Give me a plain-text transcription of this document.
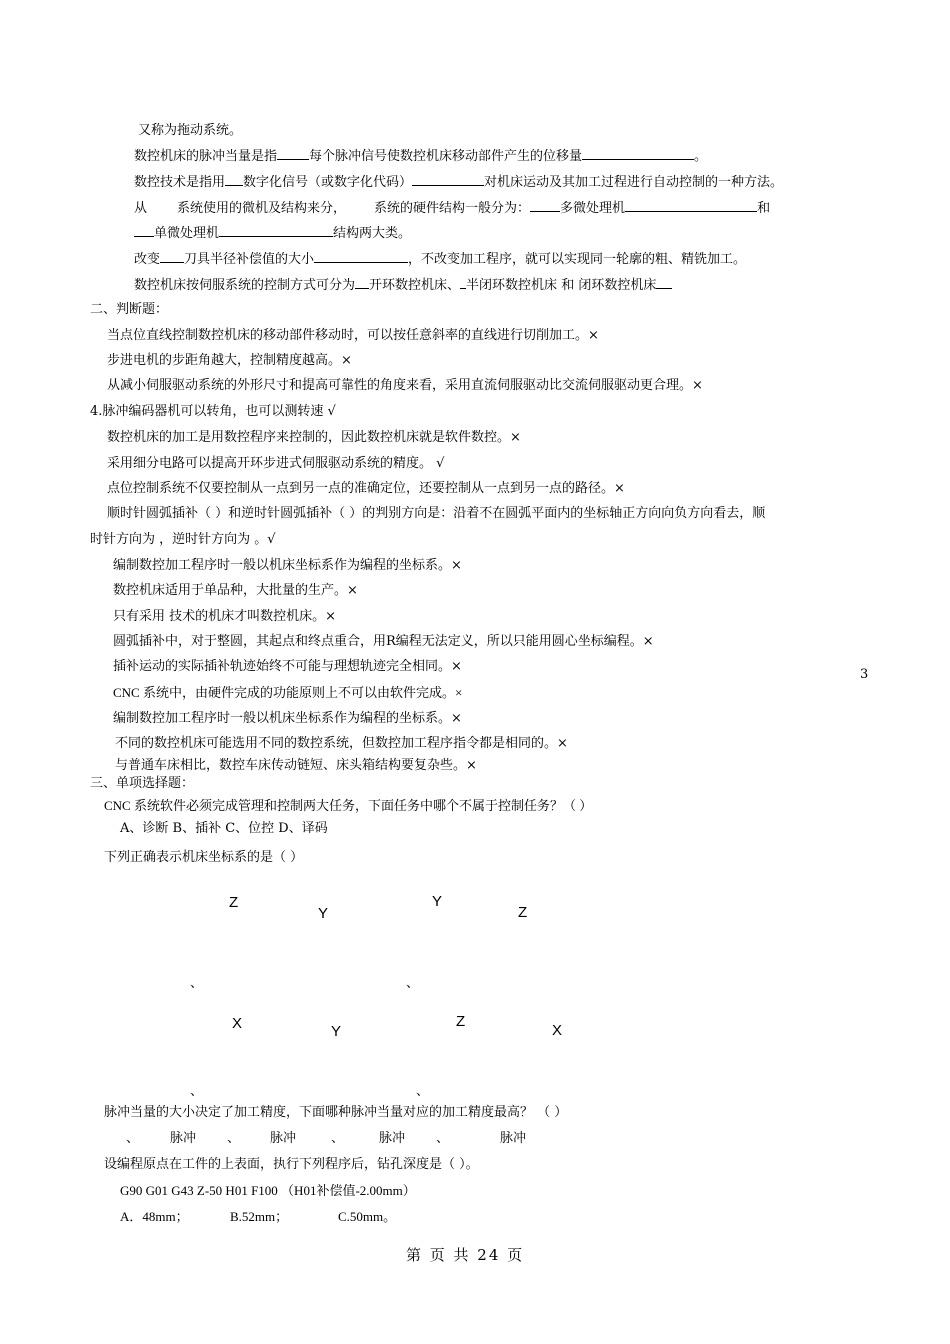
又称为拖动系统。
数控机床的脉冲当量是指 每个脉冲信号使数控机床移动部件产生的位移量	。
数控技术是指用 数字化信号（或数字化代码）	对机床运动及其加工过程进行自动控制的一种方法。
从 系统使用的微机及结构来分， 系统的硬件结构一般分为： 多微处理机	和
单微处理机	结构两大类。
改变 刀具半径补偿值的大小	，不改变加工程序，就可以实现同一轮廓的粗、精铣加工。
数控机床按伺服系统的控制方式可分为 开环数控机床、 半闭环数控机床 和 闭环数控机床
二、判断题：
当点位直线控制数控机床的移动部件移动时，可以按任意斜率的直线进行切削加工。×
步进电机的步距角越大，控制精度越高。×
从减小伺服驱动系统的外形尺寸和提高可靠性的角度来看，采用直流伺服驱动比交流伺服驱动更合理。×
4.脉冲编码器机可以转角，也可以测转速 √
数控机床的加工是用数控程序来控制的，因此数控机床就是软件数控。×
采用细分电路可以提高开环步进式伺服驱动系统的精度。 √
点位控制系统不仅要控制从一点到另一点的准确定位，还要控制从一点到另一点的路径。×
顺时针圆弧插补（ ）和逆时针圆弧插补（ ）的判别方向是：沿着不在圆弧平面内的坐标轴正方向向负方向看去，顺
时针方向为 ，逆时针方向为 。√
编制数控加工程序时一般以机床坐标系作为编程的坐标系。×
数控机床适用于单品种，大批量的生产。×
只有采用 技术的机床才叫数控机床。×
圆弧插补中，对于整圆，其起点和终点重合，用R编程无法定义，所以只能用圆心坐标编程。×
插补运动的实际插补轨迹始终不可能与理想轨迹完全相同。×
CNC 系统中，由硬件完成的功能原则上不可以由软件完成。×
编制数控加工程序时一般以机床坐标系作为编程的坐标系。×
不同的数控机床可能选用不同的数控系统，但数控加工程序指令都是相同的。×
与普通车床相比，数控车床传动链短、床头箱结构要复杂些。×
3
三、单项选择题：
CNC 系统软件必须完成管理和控制两大任务，下面任务中哪个不属于控制任务？（ ）
A、诊断 B、插补 C、位控 D、译码
下列正确表示机床坐标系的是（ ）
Z
Y
Y
Z
、	、
X	Y
Z
X
、	、
脉冲当量的大小决定了加工精度，下面哪种脉冲当量对应的加工精度最高？ （ ）
、 脉冲 、 脉冲	、	脉冲 、	脉冲
设编程原点在工件的上表面，执行下列程序后，钻孔深度是（ ）。
G90 G01 G43 Z-50 H01 F100 （H01补偿值-2.00mm）
A．48mm；	B.52mm；	C.50mm。
第 页 共 24 页
